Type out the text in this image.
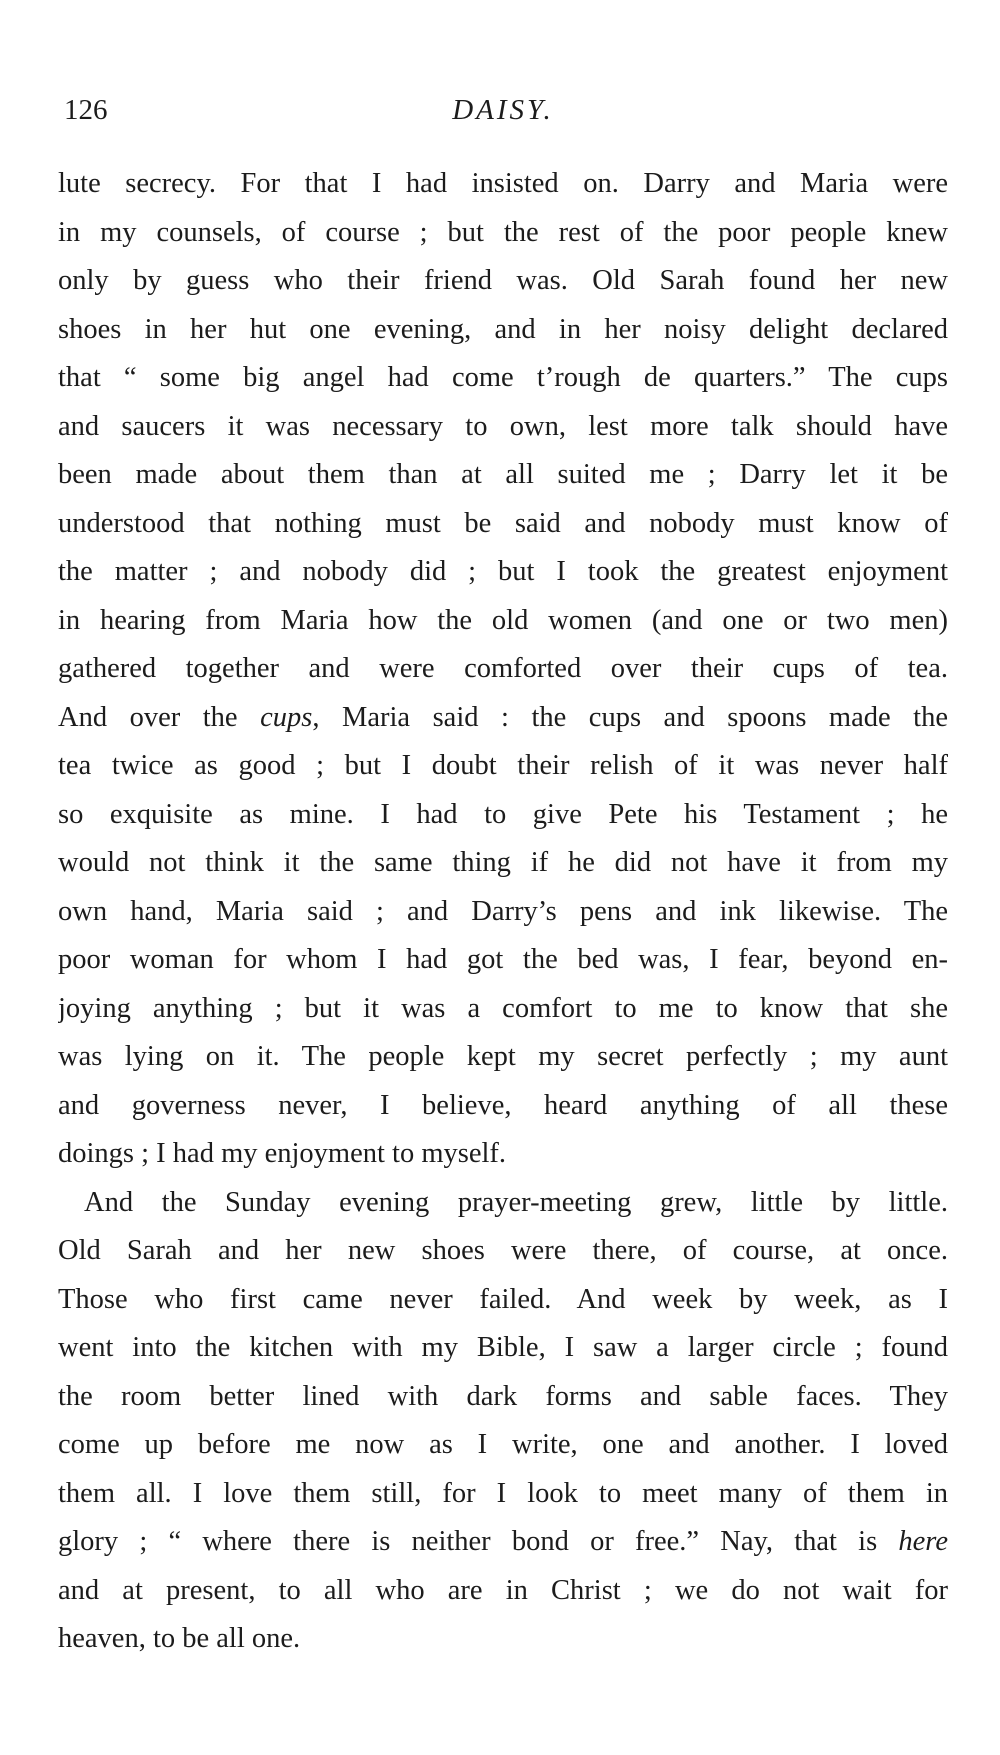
126	DAISY.
lute secrecy. For that I had insisted on. Darry and Maria were
in my counsels, of course ; but the rest of the poor people knew
only by guess who their friend was. Old Sarah found her new
shoes in her hut one evening, and in her noisy delight declared
that “ some big angel had come t’rough de quarters.” The cups
and saucers it was necessary to own, lest more talk should have
been made about them than at all suited me ; Darry let it be
understood that nothing must be said and nobody must know of
the matter ; and nobody did ; but I took the greatest enjoyment
in hearing from Maria how the old women (and one or two men)
gathered together and were comforted over their cups of tea.
And over the cups, Maria said : the cups and spoons made the
tea twice as good ; but I doubt their relish of it was never half
so exquisite as mine. I had to give Pete his Testament ; he
would not think it the same thing if he did not have it from my
own hand, Maria said ; and Darry’s pens and ink likewise. The
poor woman for whom I had got the bed was, I fear, beyond en-
joying anything ; but it was a comfort to me to know that she
was lying on it. The people kept my secret perfectly ; my aunt
and governess never, I believe, heard anything of all these
doings ; I had my enjoyment to myself.
And the Sunday evening prayer-meeting grew, little by little.
Old Sarah and her new shoes were there, of course, at once.
Those who first came never failed. And week by week, as I
went into the kitchen with my Bible, I saw a larger circle ; found
the room better lined with dark forms and sable faces. They
come up before me now as I write, one and another. I loved
them all. I love them still, for I look to meet many of them in
glory ; “ where there is neither bond or free.” Nay, that is here
and at present, to all who are in Christ ; we do not wait for
heaven, to be all one.
